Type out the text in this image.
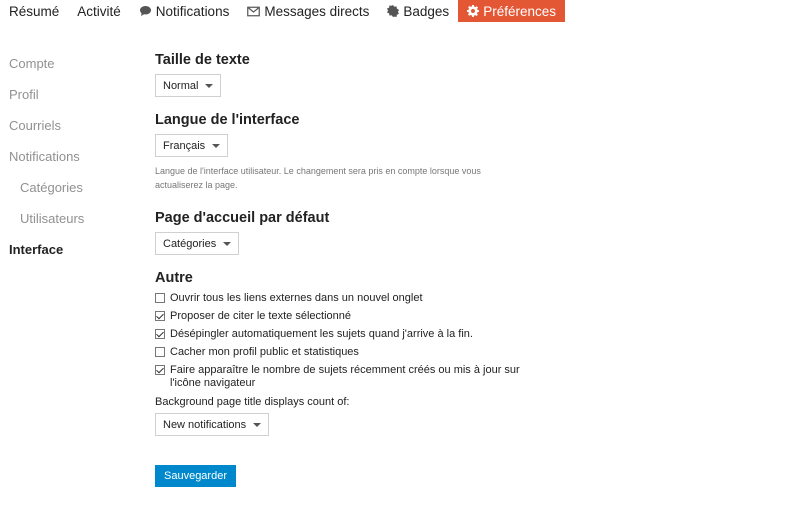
Résumé Activité	Notifications	Messages directs	Badges	Préférences
Compte
Profil
Courriels
Notifications
Catégories
Utilisateurs
Interface
Taille de texte
Normal
Langue de l'interface
Français

Langue de l'interface utilisateur. Le changement sera pris en compte lorsque vous actualiserez la page.

Page d'accueil par défaut
Catégories
Autre
Ouvrir tous les liens externes dans un nouvel onglet
Proposer de citer le texte sélectionné
Désépingler automatiquement les sujets quand j'arrive à la fin.
Cacher mon profil public et statistiques
Faire apparaître le nombre de sujets récemment créés ou mis à jour sur l'icône navigateur
Background page title displays count of:
New notifications
Sauvegarder
